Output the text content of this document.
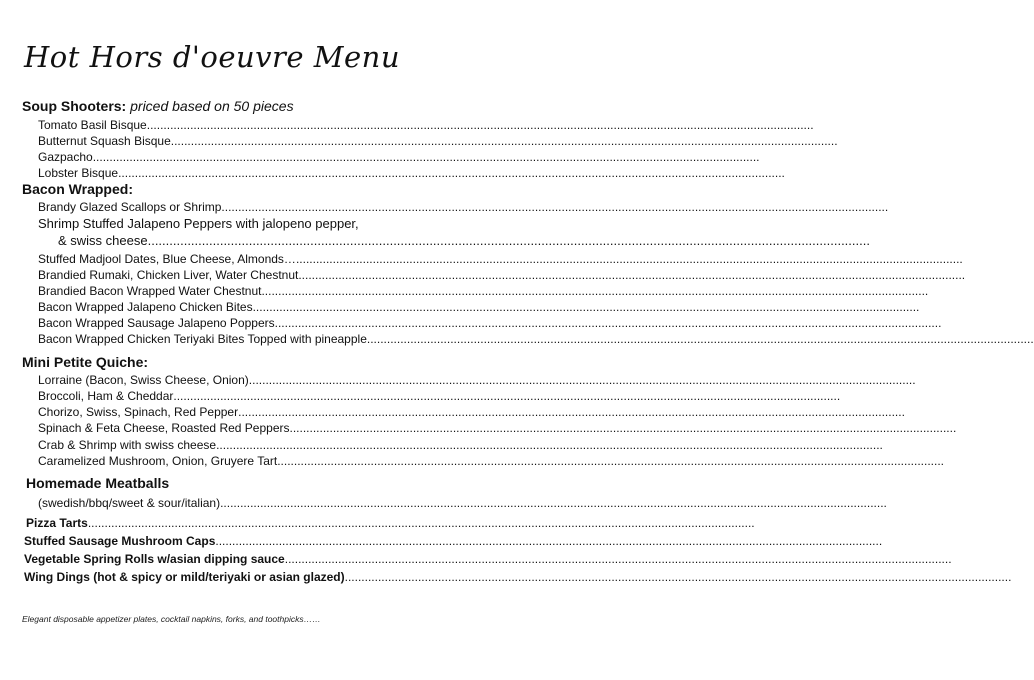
Hot Hors d'oeuvre Menu
Soup Shooters: priced based on 50 pieces
Tomato Basil Bisque........................................................................................................................................................................................................
Butternut Squash Bisque........................................................................................................................................................................................................
Gazpacho........................................................................................................................................................................................................
Lobster Bisque........................................................................................................................................................................................................
Bacon Wrapped:
Brandy Glazed Scallops or Shrimp........................................................................................................................................................................................................
Shrimp Stuffed Jalapeno Peppers with jalopeno pepper,
& swiss cheese........................................................................................................................................................................................................
Stuffed Madjool Dates, Blue Cheese, Almonds…........................................................................................................................................................................................................
Brandied Rumaki, Chicken Liver, Water Chestnut........................................................................................................................................................................................................
Brandied Bacon Wrapped Water Chestnut........................................................................................................................................................................................................
Bacon Wrapped Jalapeno Chicken Bites........................................................................................................................................................................................................
Bacon Wrapped Sausage Jalapeno Poppers........................................................................................................................................................................................................
Bacon Wrapped Chicken Teriyaki Bites Topped with pineapple........................................................................................................................................................................................................
Mini Petite Quiche:
Lorraine (Bacon, Swiss Cheese, Onion)........................................................................................................................................................................................................
Broccoli, Ham & Cheddar........................................................................................................................................................................................................
Chorizo, Swiss, Spinach, Red Pepper........................................................................................................................................................................................................
Spinach & Feta Cheese, Roasted Red Peppers........................................................................................................................................................................................................
Crab & Shrimp with swiss cheese........................................................................................................................................................................................................
Caramelized Mushroom, Onion, Gruyere Tart........................................................................................................................................................................................................
Homemade Meatballs
(swedish/bbq/sweet & sour/italian)........................................................................................................................................................................................................
Pizza Tarts........................................................................................................................................................................................................
Stuffed Sausage Mushroom Caps........................................................................................................................................................................................................
Vegetable Spring Rolls w/asian dipping sauce........................................................................................................................................................................................................
Wing Dings (hot & spicy or mild/teriyaki or asian glazed)........................................................................................................................................................................................................
Elegant disposable appetizer plates, cocktail napkins, forks, and toothpicks……
